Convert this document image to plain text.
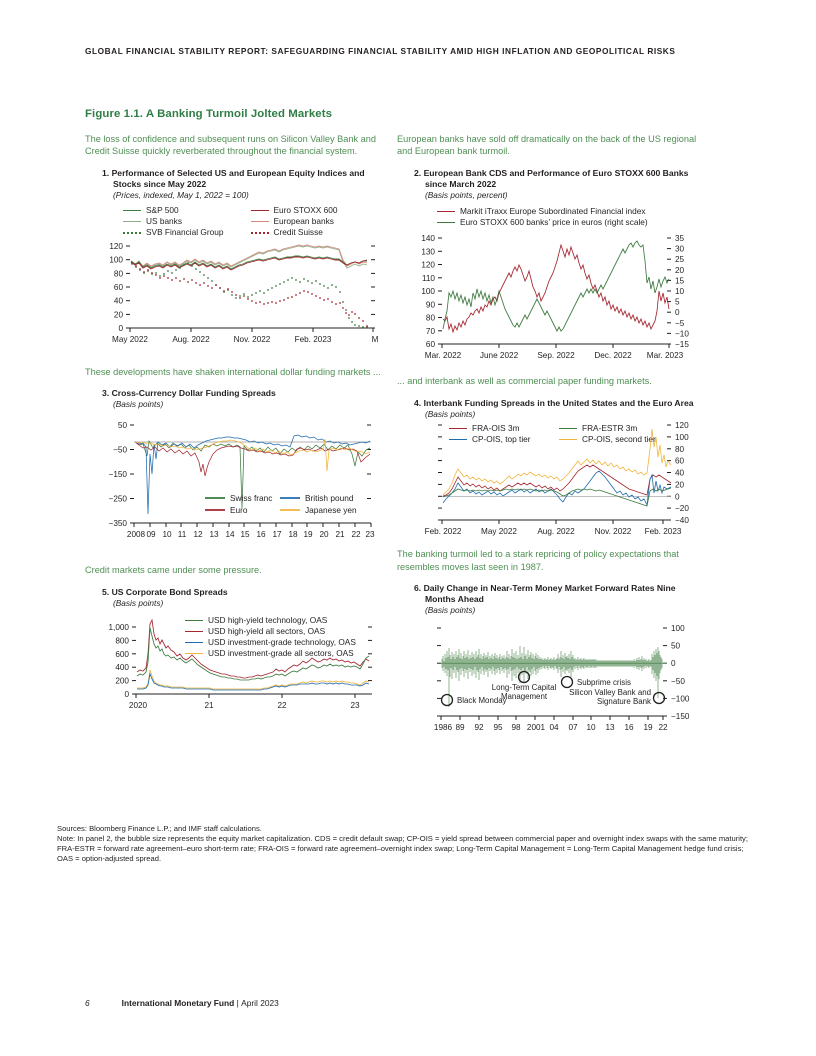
GLOBAL FINANCIAL STABILITY REPORT: SAFEGUARDING FINANCIAL STABILITY AMID HIGH INFLATION AND GEOPOLITICAL RISKS
Figure 1.1. A Banking Turmoil Jolted Markets
The loss of confidence and subsequent runs on Silicon Valley Bank and Credit Suisse quickly reverberated throughout the financial system.
1. Performance of Selected US and European Equity Indices and Stocks since May 2022
(Prices, indexed, May 1, 2022 = 100)
S&P 500	Euro STOXX 600
US banks	European banks
SVB Financial Group	Credit Suisse
120
100
80
60
40
20
0
May 2022	Aug. 2022	Nov. 2022	Feb. 2023	M
These developments have shaken international dollar funding markets ...
3. Cross-Currency Dollar Funding Spreads
(Basis points)
50
−50
−150
−250
−350
2008 09 10 11 12 13 14 15 16 17 18 19 20 21 22 23
Swiss franc	British pound
Euro	Japanese yen
Credit markets came under some pressure.
5. US Corporate Bond Spreads
(Basis points)
USD high-yield technology, OAS
USD high-yield all sectors, OAS
USD investment-grade technology, OAS
USD investment-grade all sectors, OAS
1,000
800
600
400
200
0
2020	21	22	23
European banks have sold off dramatically on the back of the US regional and European bank turmoil.
2. European Bank CDS and Performance of Euro STOXX 600 Banks since March 2022
(Basis points, percent)
Markit iTraxx Europe Subordinated Financial index
Euro STOXX 600 banks’ price in euros (right scale)
140
130
120
110
100
90
80
70
60
35
30
25
20
15
10
5
0
−5
−10
−15
Mar. 2022 June 2022 Sep. 2022 Dec. 2022 Mar. 2023
... and interbank as well as commercial paper funding markets.
4. Interbank Funding Spreads in the United States and the Euro Area
(Basis points)
FRA-OIS 3m	FRA-ESTR 3m
CP-OIS, top tier	CP-OIS, second tier
120
100
80
60
40
20
0
−20
−40
Feb. 2022 May 2022 Aug. 2022 Nov. 2022 Feb. 2023
The banking turmoil led to a stark repricing of policy expectations that resembles moves last seen in 1987.
6. Daily Change in Near-Term Money Market Forward Rates Nine Months Ahead
(Basis points)
100
50
0
−50
−100
−150
1986 89 92 95 98 2001 04 07 10 13 16 19 22
Black Monday
Long-Term Capital
Management
Subprime crisis
Silicon Valley Bank and
Signature Bank

Sources: Bloomberg Finance L.P.; and IMF staff calculations.

Note: In panel 2, the bubble size represents the equity market capitalization. CDS = credit default swap; CP-OIS = yield spread between commercial paper and overnight index swaps with the same maturity; FRA-ESTR = forward rate agreement–euro short-term rate; FRA-OIS = forward rate agreement–overnight index swap; Long-Term Capital Management = Long-Term Capital Management hedge fund crisis; OAS = option-adjusted spread.

6	International Monetary Fund | April 2023
